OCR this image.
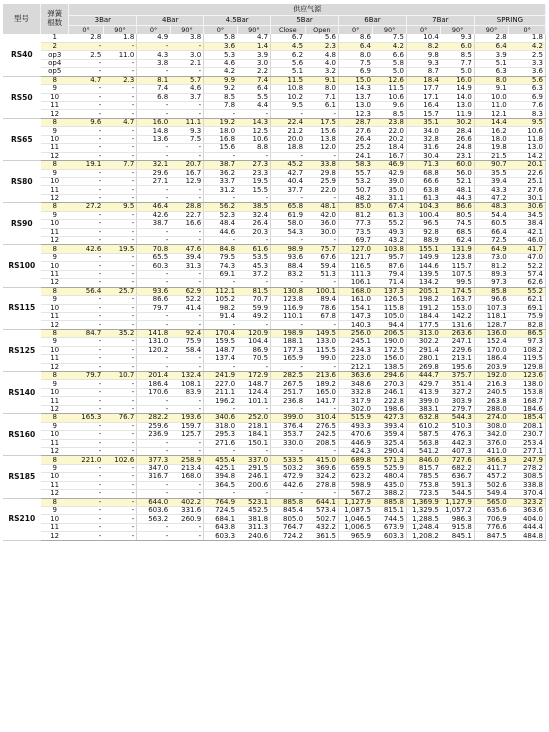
型号	弹簧
根数	供应气源													
		3Bar		4Bar		4.5Bar		5Bar		6Bar		7Bar		SPRING	
		0°	90°	0°	90°	0°	90°	Close	Open	0°	90°	0°	90°	90°	0°
RS40	1	2.8	1.8	4.9	3.8	5.8	4.7	6.7	5.6	8.6	7.5	10.4	9.3	2.8	1.8
	2	-	-	-	-	3.6	1.4	4.5	2.3	6.4	4.2	8.2	6.0	6.4	4.2
	op3	2.5	11.0	4.3	3.0	5.3	3.9	6.2	4.8	8.0	6.6	9.8	8.5	3.9	2.5
	op4	-	-	3.8	2.1	4.6	3.0	5.6	4.0	7.5	5.8	9.3	7.7	5.1	3.3
	op5	-	-	-	-	4.2	2.2	5.1	3.2	6.9	5.0	8.7	5.0	6.3	3.6
RS50	8	4.7	2.3	8.1	5.7	9.9	7.4	11.5	9.1	15.0	12.6	18.4	16.0	8.0	5.6
	9	-	-	7.4	4.6	9.2	6.4	10.8	8.0	14.3	11.5	17.7	14.9	9.1	6.3
	10	-	-	6.8	3.7	8.5	5.5	10.2	7.1	13.7	10.6	17.1	14.0	10.0	6.9
	11	-	-	-	-	7.8	4.4	9.5	6.1	13.0	9.6	16.4	13.0	11.0	7.6
	12	-	-	-	-	-	-	-	-	12.3	8.5	15.7	11.9	12.1	8.3
RS65	8	9.6	4.7	16.0	11.1	19.2	14.3	22.4	17.5	28.7	23.8	35.1	30.2	14.4	9.5
	9	-	-	14.8	9.3	18.0	12.5	21.2	15.6	27.6	22.0	34.0	28.4	16.2	10.6
	10	-	-	13.6	7.5	16.8	10.6	20.0	13.8	26.4	20.2	32.8	26.6	18.0	11.8
	11	-	-	-	-	15.6	8.8	18.8	12.0	25.2	18.4	31.6	24.8	19.8	13.0
	12	-	-	-	-	-	-	-	-	24.1	16.7	30.4	23.1	21.5	14.2
RS80	8	19.1	7.7	32.1	20.7	38.7	27.3	45.2	33.8	58.3	46.9	71.3	60.0	90.7	20.1
	9	-	-	29.6	16.7	36.2	23.3	42.7	29.8	55.7	42.9	68.8	56.0	35.5	22.6
	10	-	-	27.1	12.9	33.7	19.5	40.4	25.9	53.2	39.0	66.6	52.1	39.4	25.1
	11	-	-	-	-	31.2	15.5	37.7	22.0	50.7	35.0	63.8	48.1	43.3	27.6
	12	-	-	-	-	-	-	-	-	48.2	31.1	61.3	44.3	47.2	30.1
RS90	8	27.2	9.5	46.4	28.8	56.2	38.5	65.8	48.1	85.0	67.4	104.3	86.6	48.3	30.6
	9	-	-	42.6	22.7	52.3	32.4	61.9	42.0	81.2	61.3	100.4	80.5	54.4	34.5
	10	-	-	38.7	16.6	48.4	26.4	58.0	36.0	77.3	55.2	96.5	74.5	60.5	38.4
	11	-	-	-	-	44.6	20.3	54.3	30.0	73.5	49.3	92.8	68.5	66.4	42.1
	12	-	-	-	-	-	-	-	-	69.7	43.2	88.9	62.4	72.5	46.0
RS100	8	42.6	19.5	70.8	47.6	84.8	61.6	98.9	75.7	127.0	103.8	155.1	131.9	64.9	41.7
	9	-	-	65.5	39.4	79.5	53.5	93.6	67.6	121.7	95.7	149.9	123.8	73.0	47.0
	10	-	-	60.3	31.3	74.3	45.3	88.4	59.4	116.5	87.6	144.6	115.7	81.2	52.2
	11	-	-	-	-	69.1	37.2	83.2	51.3	111.3	79.4	139.5	107.5	89.3	57.4
	12	-	-	-	-	-	-	-	-	106.1	71.4	134.2	99.5	97.3	62.6
RS115	8	56.4	25.7	93.6	62.9	112.1	81.5	130.8	100.1	168.0	137.3	205.1	174.5	85.8	55.2
	9	-	-	86.6	52.2	105.2	70.7	123.8	89.4	161.0	126.5	198.2	163.7	96.6	62.1
	10	-	-	79.7	41.4	98.2	59.9	116.9	78.6	154.1	115.8	191.2	153.0	107.3	69.1
	11	-	-	-	-	91.4	49.2	110.1	67.8	147.3	105.0	184.4	142.2	118.1	75.9
	12	-	-	-	-	-	-	-	-	140.3	94.4	177.5	131.6	128.7	82.8
RS125	8	84.7	35.2	141.8	92.4	170.4	120.9	198.9	149.5	256.0	206.5	313.0	263.6	136.0	86.5
	9	-	-	131.0	75.9	159.5	104.4	188.1	133.0	245.1	190.0	302.2	247.1	152.4	97.3
	10	-	-	120.2	58.4	148.7	86.9	177.3	115.5	234.3	172.5	291.4	229.6	170.0	108.2
	11	-	-	-	-	137.4	70.5	165.9	99.0	223.0	156.0	280.1	213.1	186.4	119.5
	12	-	-	-	-	-	-	-	-	212.1	138.5	269.8	195.6	203.9	129.8
RS140	8	79.7	10.7	201.4	132.4	241.9	172.9	282.5	213.6	363.6	294.6	444.7	375.7	192.0	123.6
	9	-	-	186.4	108.1	227.0	148.7	267.5	189.2	348.6	270.3	429.7	351.4	216.3	138.0
	10	-	-	170.6	83.9	211.1	124.4	251.7	165.0	332.8	246.1	413.9	327.2	240.5	153.8
	11	-	-	-	-	196.2	101.1	236.8	141.7	317.9	222.8	399.0	303.9	263.8	168.7
	12	-	-	-	-	-	-	-	-	302.0	198.6	383.1	279.7	288.0	184.6
RS160	8	165.3	76.7	282.2	193.6	340.6	252.0	399.0	310.4	515.9	427.3	632.8	544.3	274.0	185.4
	9	-	-	259.6	159.7	318.0	218.1	376.4	276.5	493.3	393.4	610.2	510.3	308.0	208.1
	10	-	-	236.9	125.7	295.3	184.1	353.7	242.5	470.6	359.4	587.5	476.3	342.0	230.7
	11	-	-	-	-	271.6	150.1	330.0	208.5	446.9	325.4	563.8	442.3	376.0	253.4
	12	-	-	-	-	-	-	-	-	424.3	290.4	541.2	407.3	411.0	277.1
RS185	8	221.0	102.6	377.3	258.9	455.4	337.0	533.5	415.0	689.8	571.3	846.0	727.6	366.3	247.9
	9	-	-	347.0	213.4	425.1	291.5	503.2	369.6	659.5	525.9	815.7	682.2	411.7	278.2
	10	-	-	316.7	168.0	394.8	246.1	472.9	324.2	623.2	480.4	785.5	636.7	457.2	308.5
	11	-	-	-	-	364.5	200.6	442.6	278.8	598.9	435.0	753.8	591.3	502.6	338.8
	12	-	-	-	-	-	-	-	-	567.2	388.2	723.5	544.5	549.4	370.4
RS210	8	-	-	644.0	402.2	764.9	523.1	885.8	644.1	1,127.9	885.8	1,369.9	1,127.9	565.0	323.2
	9	-	-	603.6	331.6	724.5	452.5	845.4	573.4	1,087.5	815.1	1,329.5	1,057.2	635.6	363.6
	10	-	-	563.2	260.9	684.1	381.8	805.0	502.7	1,046.5	744.5	1,288.5	986.3	706.9	404.0
	11	-	-	-	-	643.8	311.3	764.7	432.2	1,006.5	673.9	1,248.4	915.8	776.6	444.4
	12	-	-	-	-	603.3	240.6	724.2	361.5	965.9	603.3	1,208.2	845.1	847.5	484.8
